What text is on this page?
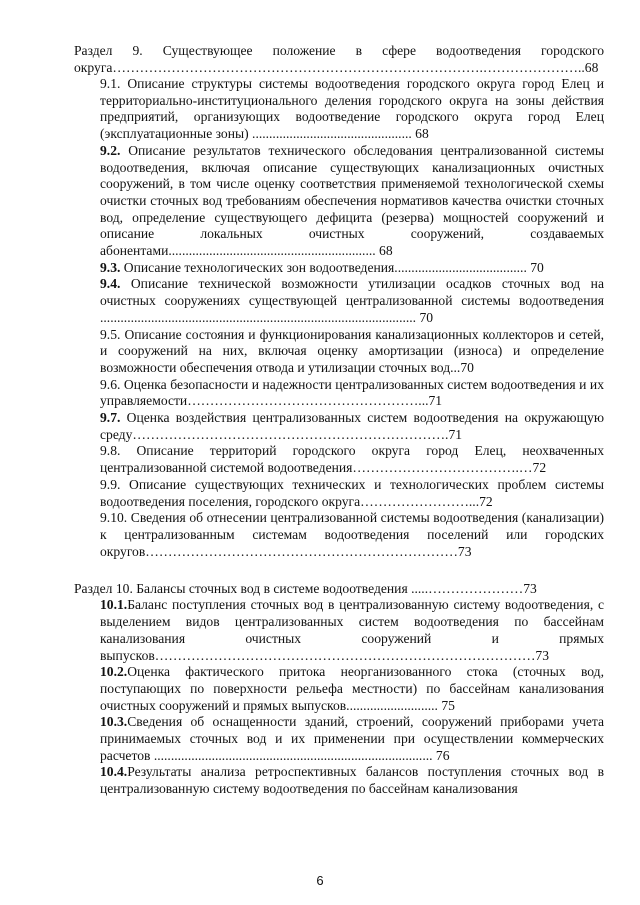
Раздел 9. Существующее положение в сфере водоотведения городского округа……………………………………………………………………….…………………..68

9.1. Описание структуры системы водоотведения городского округа город Елец и территориально-институционального деления городского округа на зоны действия предприятий, организующих водоотведение городского округа город Елец (эксплуатационные зоны) ............................................... 68

9.2. Описание результатов технического обследования централизованной системы водоотведения, включая описание существующих канализационных очистных сооружений, в том числе оценку соответствия применяемой технологической схемы очистки сточных вод требованиям обеспечения нормативов качества очистки сточных вод, определение существующего дефицита (резерва) мощностей сооружений и описание локальных очистных сооружений, создаваемых абонентами............................................................. 68

9.3. Описание технологических зон водоотведения....................................... 70

9.4. Описание технической возможности утилизации осадков сточных вод на очистных сооружениях существующей централизованной системы водоотведения ............................................................................................. 70

9.5. Описание состояния и функционирования канализационных коллекторов и сетей, и сооружений на них, включая оценку амортизации (износа) и определение возможности обеспечения отвода и утилизации сточных вод...70

9.6. Оценка безопасности и надежности централизованных систем водоотведения и их управляемости……………………………………………...71

9.7. Оценка воздействия централизованных систем водоотведения на окружающую среду…………………………………………………………….71

9.8. Описание территорий городского округа город Елец, неохваченных централизованной системой водоотведения……………………………….…72

9.9. Описание существующих технических и технологических проблем системы водоотведения поселения, городского округа……………………...72

9.10. Сведения об отнесении централизованной системы водоотведения (канализации) к централизованным системам водоотведения поселений или городских округов……………………………………………………………73

Раздел 10. Балансы сточных вод в системе водоотведения .....…………………73

10.1.Баланс поступления сточных вод в централизованную систему водоотведения, с выделением видов централизованных систем водоотведения по бассейнам канализования очистных сооружений и прямых выпусков…………………………………………………………………………73

10.2.Оценка фактического притока неорганизованного стока (сточных вод, поступающих по поверхности рельефа местности) по бассейнам канализования очистных сооружений и прямых выпусков........................... 75

10.3.Сведения об оснащенности зданий, строений, сооружений приборами учета принимаемых сточных вод и их применении при осуществлении коммерческих расчетов .................................................................................. 76

10.4.Результаты анализа ретроспективных балансов поступления сточных вод в централизованную систему водоотведения по бассейнам канализования

6
